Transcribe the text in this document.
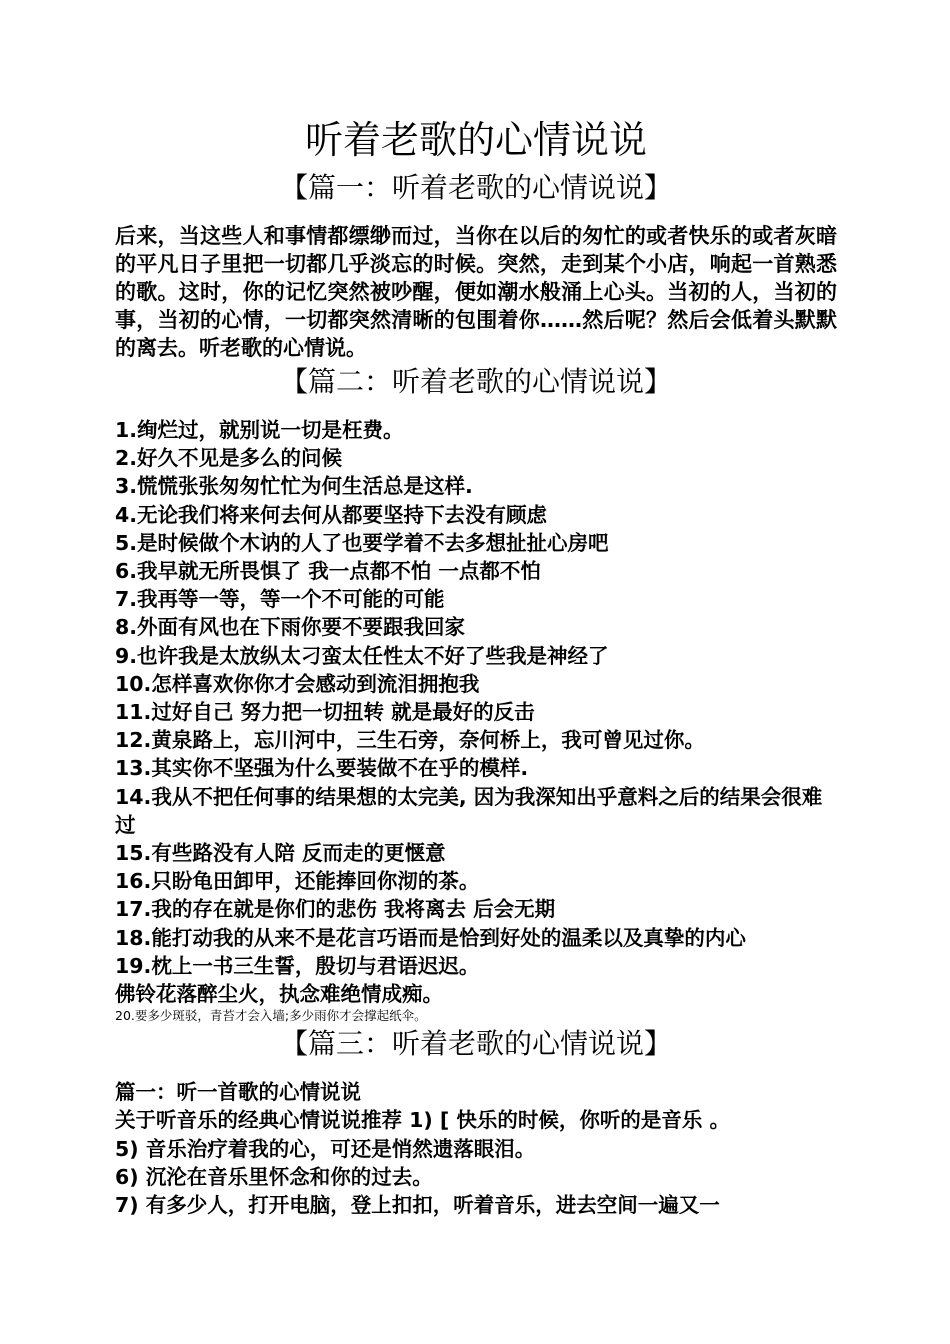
听着老歌的心情说说
【篇一：听着老歌的心情说说】

后来，当这些人和事情都缥缈而过，当你在以后的匆忙的或者快乐的或者灰暗的平凡日子里把一切都几乎淡忘的时候。突然，走到某个小店，响起一首熟悉的歌。这时，你的记忆突然被吵醒，便如潮水般涌上心头。当初的人，当初的事，当初的心情，一切都突然清晰的包围着你……然后呢？然后会低着头默默的离去。听老歌的心情说。

【篇二：听着老歌的心情说说】

1.绚烂过，就别说一切是枉费。

2.好久不见是多么的问候

3.慌慌张张匆匆忙忙为何生活总是这样.

4.无论我们将来何去何从都要坚持下去没有顾虑

5.是时候做个木讷的人了也要学着不去多想扯扯心房吧

6.我早就无所畏惧了 我一点都不怕 一点都不怕

7.我再等一等，等一个不可能的可能

8.外面有风也在下雨你要不要跟我回家

9.也许我是太放纵太刁蛮太任性太不好了些我是神经了

10.怎样喜欢你你才会感动到流泪拥抱我

11.过好自己 努力把一切扭转 就是最好的反击

12.黄泉路上，忘川河中，三生石旁，奈何桥上，我可曾见过你。

13.其实你不坚强为什么要装做不在乎的模样.

14.我从不把任何事的结果想的太完美, 因为我深知出乎意料之后的结果会很难过

15.有些路没有人陪 反而走的更惬意

16.只盼龟田卸甲，还能捧回你沏的茶。

17.我的存在就是你们的悲伤 我将离去 后会无期

18.能打动我的从来不是花言巧语而是恰到好处的温柔以及真挚的内心

19.枕上一书三生誓，殷切与君语迟迟。

佛铃花落醉尘火，执念难绝情成痴。

20.要多少斑驳，青苔才会入墙;多少雨你才会撑起纸伞。

【篇三：听着老歌的心情说说】

篇一：听一首歌的心情说说

关于听音乐的经典心情说说推荐 1) [ 快乐的时候，你听的是音乐 。

5) 音乐治疗着我的心，可还是悄然遗落眼泪。

6) 沉沦在音乐里怀念和你的过去。

7) 有多少人，打开电脑，登上扣扣，听着音乐，进去空间一遍又一
